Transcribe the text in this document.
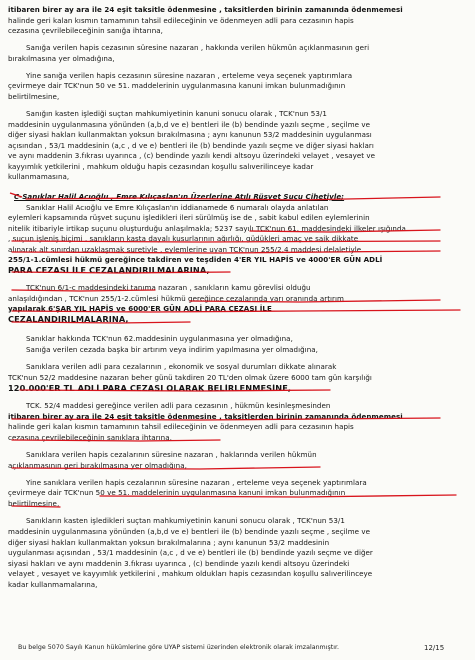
itibaren birer ay ara ile 24 eşit taksitle ödenmesine , taksitlerden birinin zamanında ödenmemesi
halinde geri kalan kısmın tamamının tahsil edileceğinin ve ödenmeyen adli para cezasının hapis
cezasına çevrilebileceğinin sanığa ihtarına,
Sanığa verilen hapis cezasının süresine nazaran , hakkında verilen hükmün açıklanmasının geri
bırakılmasına yer olmadığına,
Yine sanığa verilen hapis cezasının süresine nazaran , erteleme veya seçenek yaptırımlara
çevirmeye dair TCK'nun 50 ve 51. maddelerinin uygulanmasına kanuni imkan bulunmadığının
belirtilmesine,
Sanığın kasten işlediği suçtan mahkumiyetinin kanuni sonucu olarak , TCK'nun 53/1
maddesinin uygulanmasına yönünden (a,b,d ve e) bentleri ile (b) bendinde yazılı seçme , seçilme ve
diğer siyasi hakları kullanmaktan yoksun bırakılmasına ; aynı kanunun 53/2 maddesinin uygulanması
açısından , 53/1 maddesinin (a,c , d ve e) bentleri ile (b) bendinde yazılı seçme ve diğer siyasi hakları
ve aynı maddenin 3.fıkrası uyarınca , (c) bendinde yazılı kendi altsoyu üzerindeki velayet , vesayet ve
kayyımlık yetkilerini , mahkum olduğu hapis cezasından koşullu salıverilinceye kadar
kullanmamasına,
C-Sanıklar Halil Acıoğlu , Emre Kılıçaslan'ın Üzerlerine Atılı Rüşvet Suçu Cihetiyle;
Sanıklar Halil Acıoğlu ve Emre Kılıçaslan'ın iddianamede 6 numaralı olayda anlatılan
eylemleri kapsamında rüşvet suçunu işledikleri ileri sürülmüş ise de , sabit kabul edilen eylemlerinin
nitelik itibariyle irtikap suçunu oluşturduğu anlaşılmakla; 5237 sayılı TCK'nun 61. maddesindeki ilkeler ışığında
, suçun işleniş biçimi , sanıkların kasta dayalı kusurlarının ağırlığı, güdükleri amaç ve saik dikkate
alınarak alt sınırdan uzaklaşmak suretiyle , eylemlerine uyan TCK'nun 255/2,4 maddesi delaletiyle
255/1-1.cümlesi hükmü gereğince takdiren ve teşdiden 4'ER YIL HAPİS ve 4000'ER GÜN ADLİ
PARA CEZASI İLE CEZALANDIRILMALARINA,
TCK'nun 6/1-c maddesindeki tanıma nazaran , sanıkların kamu görevlisi olduğu
anlaşıldığından , TCK'nun 255/1-2.cümlesi hükmü gereğince cezalarında yarı oranında artırım
yapılarak 6'ŞAR YIL HAPİS ve 6000'ER GÜN ADLİ PARA CEZASI İLE
CEZALANDIRILMALARINA,
Sanıklar hakkında TCK'nun 62.maddesinin uygulanmasına yer olmadığına,
Sanığa verilen cezada başka bir artırım veya indirim yapılmasına yer olmadığına,
Sanıklara verilen adli para cezalarının , ekonomik ve sosyal durumları dikkate alınarak
TCK'nun 52/2 maddesine nazaran beher günü takdiren 20 TL'den olmak üzere 6000 tam gün karşılığı
120.000'ER TL ADLİ PARA CEZASI OLARAK BELİRLENMESİNE,
TCK. 52/4 maddesi gereğince verilen adli para cezasının , hükmün kesinleşmesinden
itibaren birer ay ara ile 24 eşit taksitle ödenmesine , taksitlerden birinin zamanında ödenmemesi
halinde geri kalan kısmın tamamının tahsil edileceğinin ve ödenmeyen adli para cezasının hapis
cezasına çevrilebileceğinin sanıklara ihtarına,
Sanıklara verilen hapis cezalarının süresine nazaran , haklarında verilen hükmün
açıklanmasının geri bırakılmasına yer olmadığına,
Yine sanıklara verilen hapis cezalarının süresine nazaran , erteleme veya seçenek yaptırımlara
çevirmeye dair TCK'nun 50 ve 51. maddelerinin uygulanmasına kanuni imkan bulunmadığının
belirtilmesine,
Sanıkların kasten işledikleri suçtan mahkumiyetinin kanuni sonucu olarak , TCK'nun 53/1
maddesinin uygulanmasına yönünden (a,b,d ve e) bentleri ile (b) bendinde yazılı seçme , seçilme ve
diğer siyasi hakları kullanmaktan yoksun bırakılmalarına ; aynı kanunun 53/2 maddesinin
uygulanması açısından , 53/1 maddesinin (a,c , d ve e) bentleri ile (b) bendinde yazılı seçme ve diğer
siyasi hakları ve aynı maddenin 3.fıkrası uyarınca , (c) bendinde yazılı kendi altsoyu üzerindeki
velayet , vesayet ve kayyımlık yetkilerini , mahkum oldukları hapis cezasından koşullu salıverilinceye
kadar kullanmamalarına,
Bu belge 5070 Sayılı Kanun hükümlerine göre UYAP sistemi üzerinden elektronik olarak imzalanmıştır.	12/15
